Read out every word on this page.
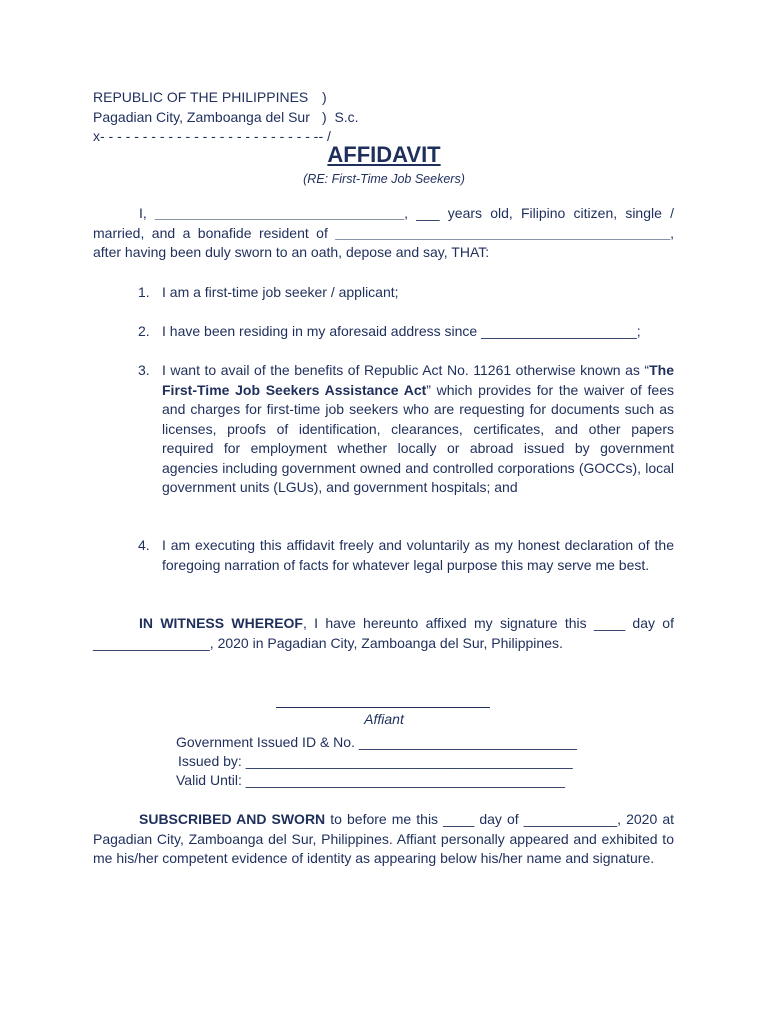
REPUBLIC OF THE PHILIPPINES )
Pagadian City, Zamboanga del Sur )  S.c.
x- - - - - - - - - - - - - - - - - - - - - - - - - -- /
AFFIDAVIT
(RE: First-Time Job Seekers)
I, ________________________________, ___ years old, Filipino citizen, single / married, and a bonafide resident of ___________________________________________, after having been duly sworn to an oath, depose and say, THAT:
1. I am a first-time job seeker / applicant;
2. I have been residing in my aforesaid address since ____________________;
3. I want to avail of the benefits of Republic Act No. 11261 otherwise known as “The First-Time Job Seekers Assistance Act” which provides for the waiver of fees and charges for first-time job seekers who are requesting for documents such as licenses, proofs of identification, clearances, certificates, and other papers required for employment whether locally or abroad issued by government agencies including government owned and controlled corporations (GOCCs), local government units (LGUs), and government hospitals; and
4. I am executing this affidavit freely and voluntarily as my honest declaration of the foregoing narration of facts for whatever legal purpose this may serve me best.
IN WITNESS WHEREOF, I have hereunto affixed my signature this ____ day of _______________, 2020 in Pagadian City, Zamboanga del Sur, Philippines.
Affiant
Government Issued ID & No. ____________________________
Issued by: __________________________________________
Valid Until: _________________________________________
SUBSCRIBED AND SWORN to before me this ____ day of ____________, 2020 at Pagadian City, Zamboanga del Sur, Philippines. Affiant personally appeared and exhibited to me his/her competent evidence of identity as appearing below his/her name and signature.
